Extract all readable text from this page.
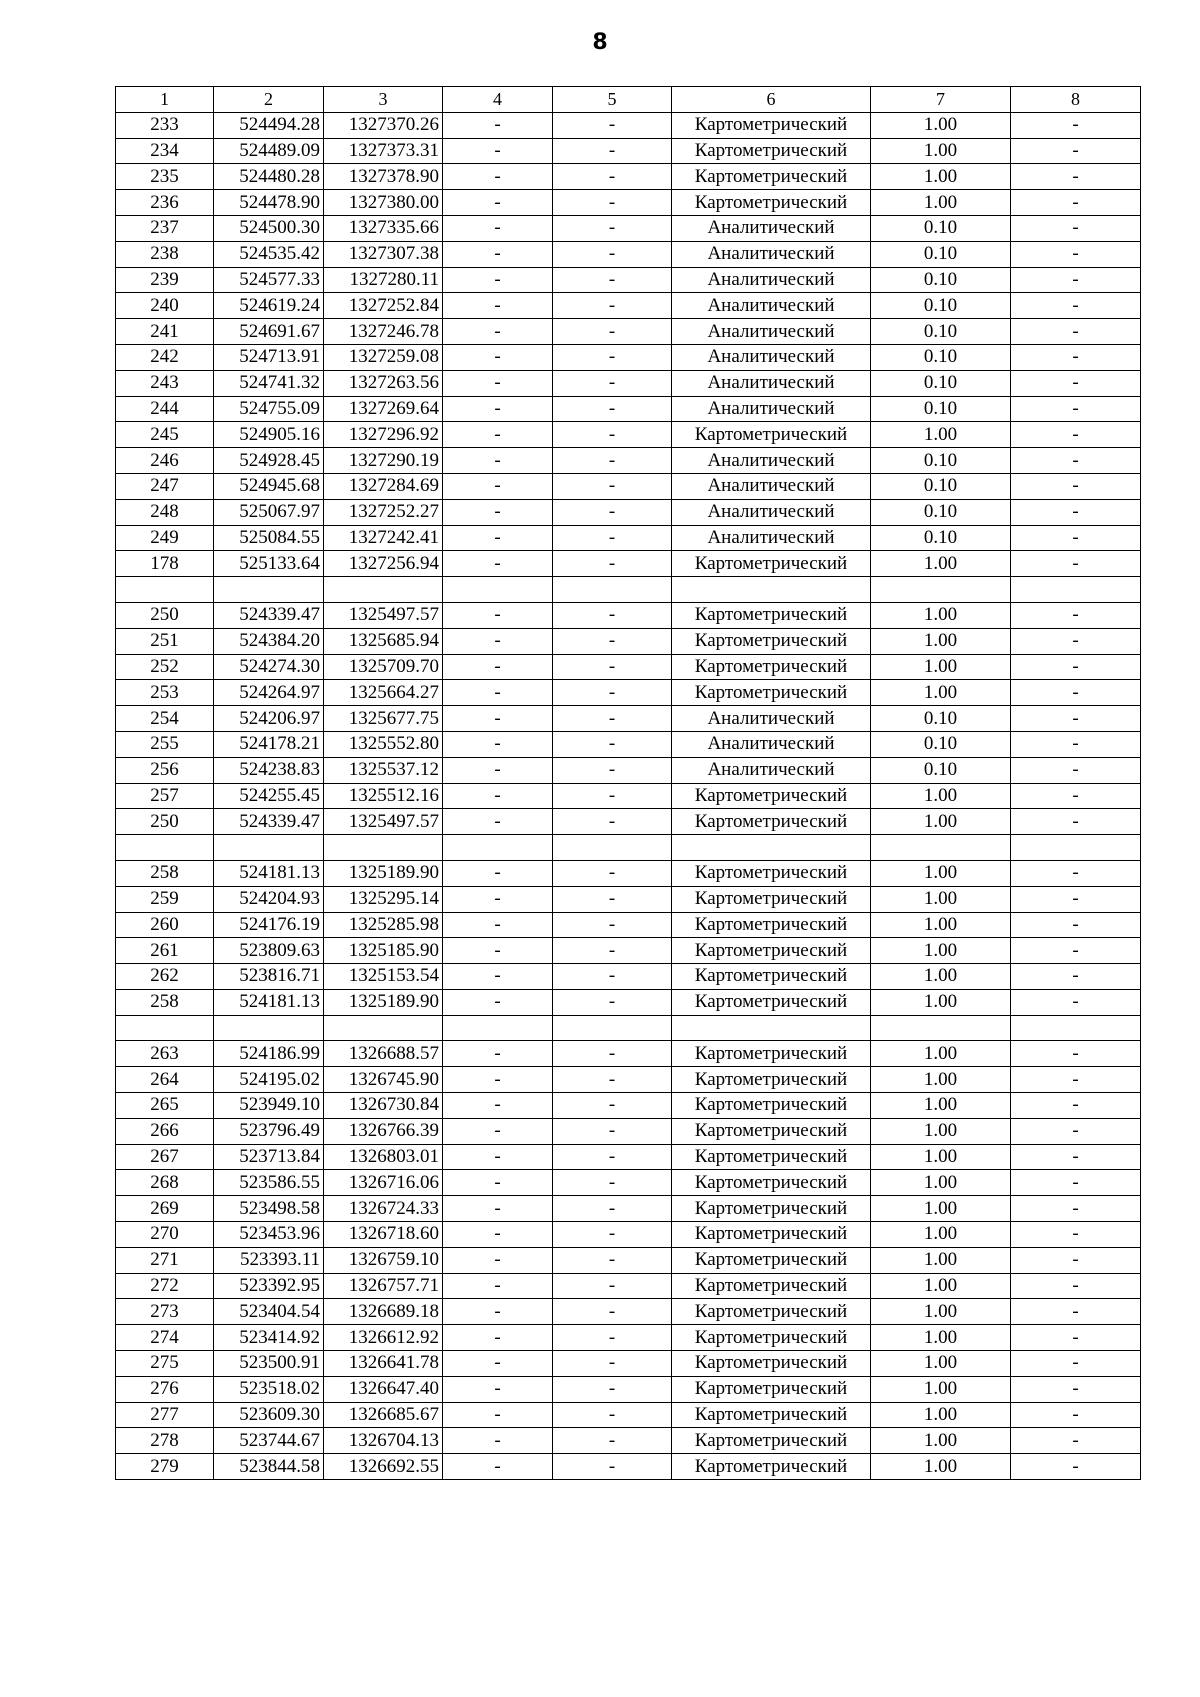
8
1	2	3	4	5	6	7	8
233	524494.28	1327370.26	-	-	Картометрический	1.00	-
234	524489.09	1327373.31	-	-	Картометрический	1.00	-
235	524480.28	1327378.90	-	-	Картометрический	1.00	-
236	524478.90	1327380.00	-	-	Картометрический	1.00	-
237	524500.30	1327335.66	-	-	Аналитический	0.10	-
238	524535.42	1327307.38	-	-	Аналитический	0.10	-
239	524577.33	1327280.11	-	-	Аналитический	0.10	-
240	524619.24	1327252.84	-	-	Аналитический	0.10	-
241	524691.67	1327246.78	-	-	Аналитический	0.10	-
242	524713.91	1327259.08	-	-	Аналитический	0.10	-
243	524741.32	1327263.56	-	-	Аналитический	0.10	-
244	524755.09	1327269.64	-	-	Аналитический	0.10	-
245	524905.16	1327296.92	-	-	Картометрический	1.00	-
246	524928.45	1327290.19	-	-	Аналитический	0.10	-
247	524945.68	1327284.69	-	-	Аналитический	0.10	-
248	525067.97	1327252.27	-	-	Аналитический	0.10	-
249	525084.55	1327242.41	-	-	Аналитический	0.10	-
178	525133.64	1327256.94	-	-	Картометрический	1.00	-

250	524339.47	1325497.57	-	-	Картометрический	1.00	-
251	524384.20	1325685.94	-	-	Картометрический	1.00	-
252	524274.30	1325709.70	-	-	Картометрический	1.00	-
253	524264.97	1325664.27	-	-	Картометрический	1.00	-
254	524206.97	1325677.75	-	-	Аналитический	0.10	-
255	524178.21	1325552.80	-	-	Аналитический	0.10	-
256	524238.83	1325537.12	-	-	Аналитический	0.10	-
257	524255.45	1325512.16	-	-	Картометрический	1.00	-
250	524339.47	1325497.57	-	-	Картометрический	1.00	-

258	524181.13	1325189.90	-	-	Картометрический	1.00	-
259	524204.93	1325295.14	-	-	Картометрический	1.00	-
260	524176.19	1325285.98	-	-	Картометрический	1.00	-
261	523809.63	1325185.90	-	-	Картометрический	1.00	-
262	523816.71	1325153.54	-	-	Картометрический	1.00	-
258	524181.13	1325189.90	-	-	Картометрический	1.00	-

263	524186.99	1326688.57	-	-	Картометрический	1.00	-
264	524195.02	1326745.90	-	-	Картометрический	1.00	-
265	523949.10	1326730.84	-	-	Картометрический	1.00	-
266	523796.49	1326766.39	-	-	Картометрический	1.00	-
267	523713.84	1326803.01	-	-	Картометрический	1.00	-
268	523586.55	1326716.06	-	-	Картометрический	1.00	-
269	523498.58	1326724.33	-	-	Картометрический	1.00	-
270	523453.96	1326718.60	-	-	Картометрический	1.00	-
271	523393.11	1326759.10	-	-	Картометрический	1.00	-
272	523392.95	1326757.71	-	-	Картометрический	1.00	-
273	523404.54	1326689.18	-	-	Картометрический	1.00	-
274	523414.92	1326612.92	-	-	Картометрический	1.00	-
275	523500.91	1326641.78	-	-	Картометрический	1.00	-
276	523518.02	1326647.40	-	-	Картометрический	1.00	-
277	523609.30	1326685.67	-	-	Картометрический	1.00	-
278	523744.67	1326704.13	-	-	Картометрический	1.00	-
279	523844.58	1326692.55	-	-	Картометрический	1.00	-
